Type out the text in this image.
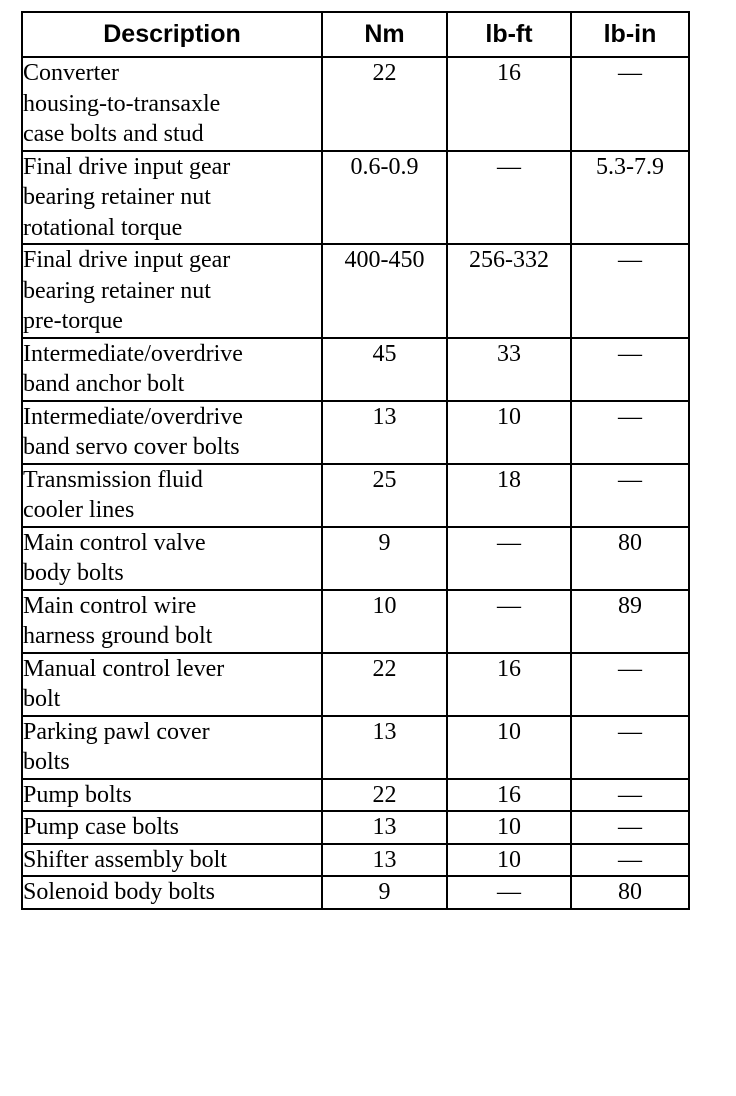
Description	Nm	lb-ft	lb-in

Converter
housing-to-transaxle
case bolts and stud	22	16	—

Final drive input gear
bearing retainer nut
rotational torque	0.6-0.9	—	5.3-7.9

Final drive input gear
bearing retainer nut
pre-torque	400-450	256-332	—

Intermediate/overdrive
band anchor bolt	45	33	—

Intermediate/overdrive
band servo cover bolts	13	10	—

Transmission fluid
cooler lines	25	18	—

Main control valve
body bolts	9	—	80

Main control wire
harness ground bolt	10	—	89

Manual control lever
bolt	22	16	—

Parking pawl cover
bolts	13	10	—

Pump bolts	22	16	—

Pump case bolts	13	10	—

Shifter assembly bolt	13	10	—

Solenoid body bolts	9	—	80
